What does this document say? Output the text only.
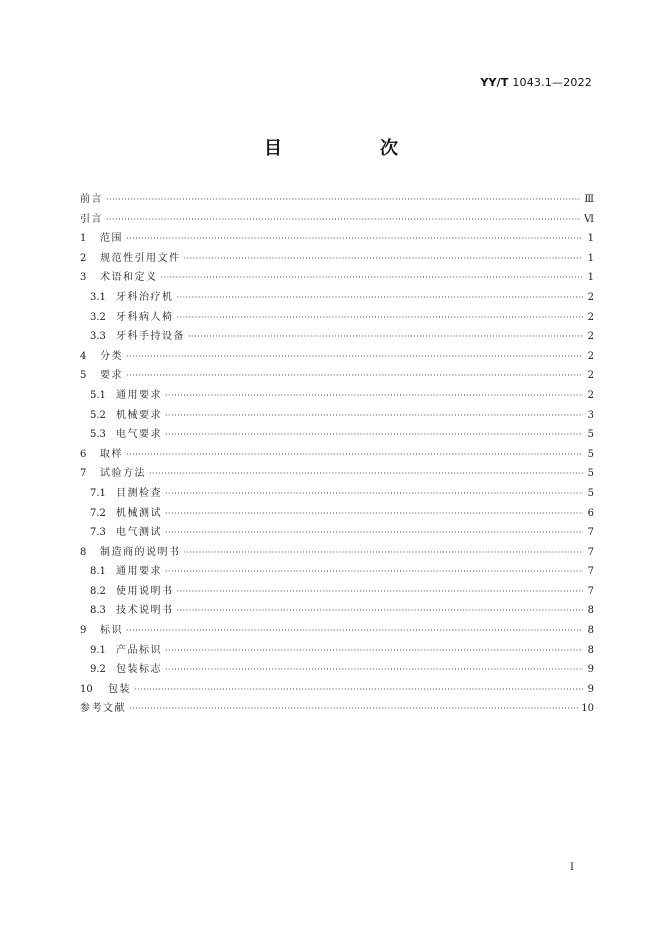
YY/T 1043.1—2022
目　次
前言 ·····	Ⅲ
引言 ·····	Ⅵ
1	范围 ·····	1
2	规范性引用文件 ·····	1
3	术语和定义 ·····	1
3.1	牙科治疗机 ·····	2
3.2	牙科病人椅 ·····	2
3.3	牙科手持设备 ·····	2
4	分类 ·····	2
5	要求 ·····	2
5.1	通用要求 ·····	2
5.2	机械要求 ·····	3
5.3	电气要求 ·····	5
6	取样 ·····	5
7	试验方法 ·····	5
7.1	目测检查 ·····	5
7.2	机械测试 ·····	6
7.3	电气测试 ·····	7
8	制造商的说明书 ·····	7
8.1	通用要求 ·····	7
8.2	使用说明书 ·····	7
8.3	技术说明书 ·····	8
9	标识 ·····	8
9.1	产品标识 ·····	8
9.2	包装标志 ·····	9
10	包装 ·····	9
参考文献 ·····	10
I
